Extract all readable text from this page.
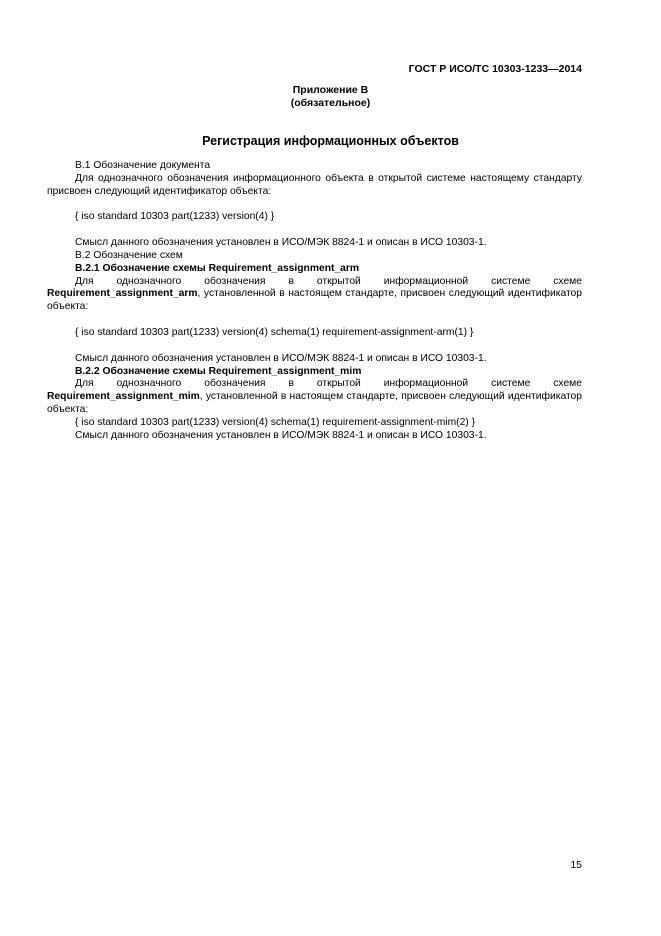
ГОСТ Р ИСО/ТС 10303-1233—2014
Приложение В
(обязательное)
Регистрация информационных объектов

В.1 Обозначение документа

Для однозначного обозначения информационного объекта в открытой системе настоящему стандарту присвоен следующий идентификатор объекта:

{ iso standard 10303 part(1233) version(4) }

Смысл данного обозначения установлен в ИСО/МЭК 8824-1 и описан в ИСО 10303-1.

В.2 Обозначение схем

В.2.1 Обозначение схемы Requirement_assignment_arm

Для однозначного обозначения в открытой информационной системе схеме

Requirement_assignment_arm, установленной в настоящем стандарте, присвоен следующий идентификатор объекта:

{ iso standard 10303 part(1233) version(4) schema(1) requirement-assignment-arm(1) }

Смысл данного обозначения установлен в ИСО/МЭК 8824-1 и описан в ИСО 10303-1.

В.2.2 Обозначение схемы Requirement_assignment_mim

Для однозначного обозначения в открытой информационной системе схеме

Requirement_assignment_mim, установленной в настоящем стандарте, присвоен следующий идентификатор объекта:

{ iso standard 10303 part(1233) version(4) schema(1) requirement-assignment-mim(2) }

Смысл данного обозначения установлен в ИСО/МЭК 8824-1 и описан в ИСО 10303-1.

15
